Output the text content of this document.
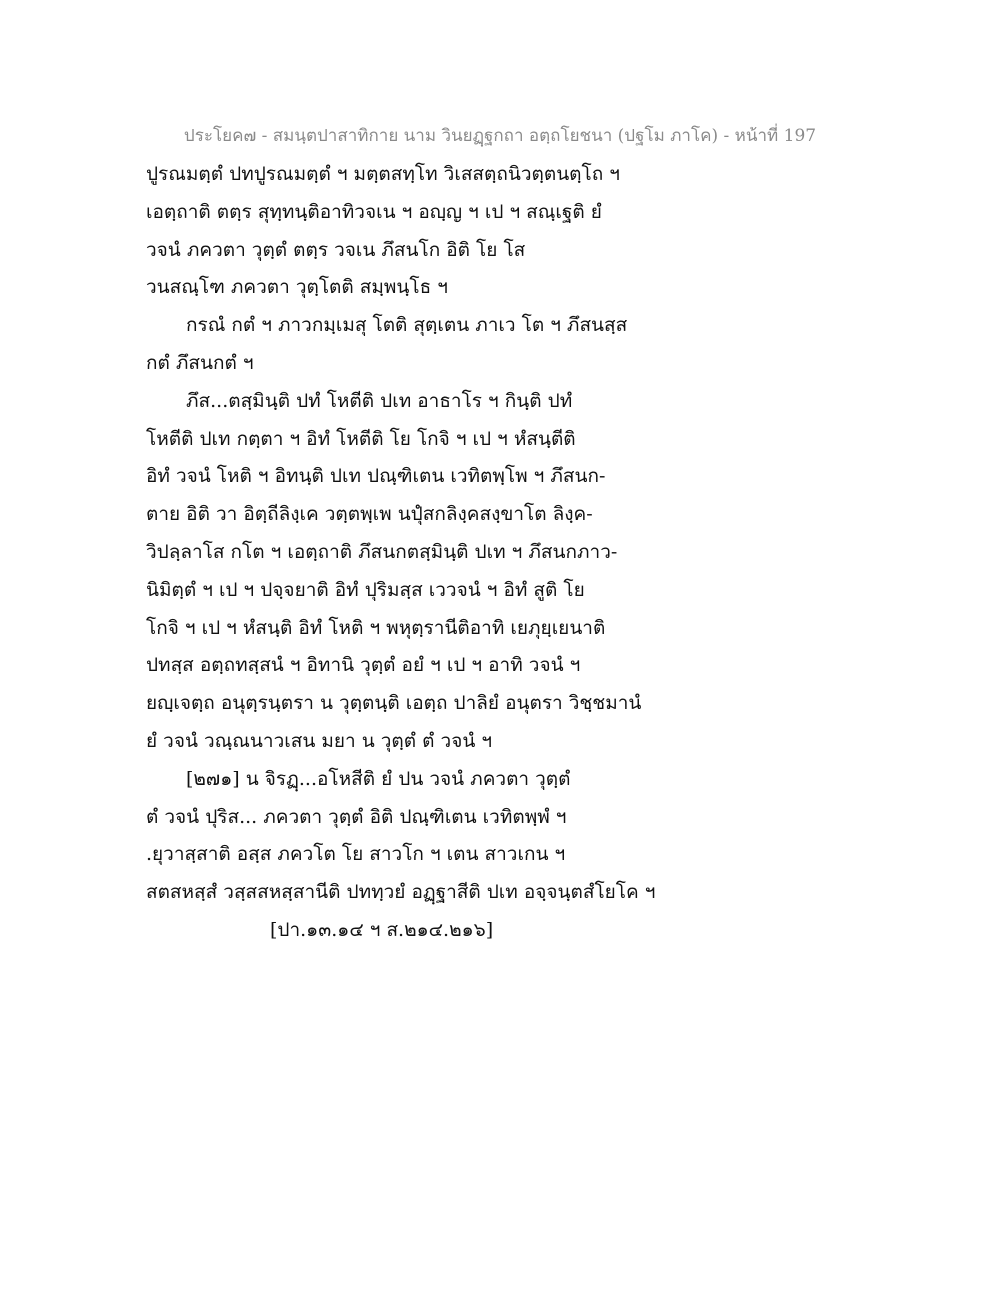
ประโยค๗ - สมนฺตปาสาทิกาย นาม วินยฏฺฐกถา อตฺถโยชนา (ปฐโม ภาโค) - หน้าที่ 197
ปูรณมตฺตํ ปทปูรณมตฺตํ ฯ มตฺตสทฺโท วิเสสตฺถนิวตฺตนตฺโถ ฯ
เอตฺถาติ ตตฺร สุทฺทนฺติอาทิวจเน ฯ อญฺญ ฯ เป ฯ สณฺเฐติ ยํ
วจนํ ภควตา วุตฺตํ ตตฺร วจเน ภึสนโก อิติ โย โส
วนสณฺโฑ ภควตา วุตฺโตติ สมฺพนฺโธ ฯ
กรณํ กตํ ฯ ภาวกมฺเมสุ โตติ สุตฺเตน ภาเว โต ฯ ภึสนสฺส
กตํ ภึสนกตํ ฯ
ภึส...ตสฺมินฺติ ปทํ โหตีติ ปเท อาธาโร ฯ กินฺติ ปทํ
โหตีติ ปเท กตฺตา ฯ อิทํ โหตีติ โย โกจิ ฯ เป ฯ หํสนฺตีติ
อิทํ วจนํ โหติ ฯ อิทนฺติ ปเท ปณฺฑิเตน เวทิตพฺโพ ฯ ภึสนก-
ตาย อิติ วา อิตฺถีลิงฺเค วตฺตพฺเพ นปุํสกลิงฺคสงฺขาโต ลิงฺค-
วิปลฺลาโส กโต ฯ เอตฺถาติ ภึสนกตสฺมินฺติ ปเท ฯ ภึสนกภาว-
นิมิตฺตํ ฯ เป ฯ ปจฺจยาติ อิทํ ปุริมสฺส เววจนํ ฯ อิทํ สูติ โย
โกจิ ฯ เป ฯ หํสนฺติ อิทํ โหติ ฯ พหุตฺรานีติอาทิ เยภุยฺเยนาติ
ปทสฺส อตฺถทสฺสนํ ฯ อิทานิ วุตฺตํ อยํ ฯ เป ฯ อาทิ วจนํ ฯ
ยญฺเจตฺถ อนุตฺรนฺตรา น วุตฺตนฺติ เอตฺถ ปาลิยํ อนุตรา วิชฺชมานํ
ยํ วจนํ วณฺณนาวเสน มยา น วุตฺตํ ตํ วจนํ ฯ
[๒๗๑] น จิรฏฺ...อโหสีติ ยํ ปน วจนํ ภควตา วุตฺตํ
ตํ วจนํ ปุริส... ภควตา วุตฺตํ อิติ ปณฺฑิเตน เวทิตพฺพํ ฯ
.ยุวาสฺสาติ อสฺส ภควโต โย สาวโก ฯ เตน สาวเกน ฯ
สตสหสฺสํ วสฺสสหสฺสานีติ ปททฺวยํ อฏฺฐาสีติ ปเท อจฺจนฺตสํโยโค ฯ
[ปา.๑๓.๑๔ ฯ ส.๒๑๔.๒๑๖]
